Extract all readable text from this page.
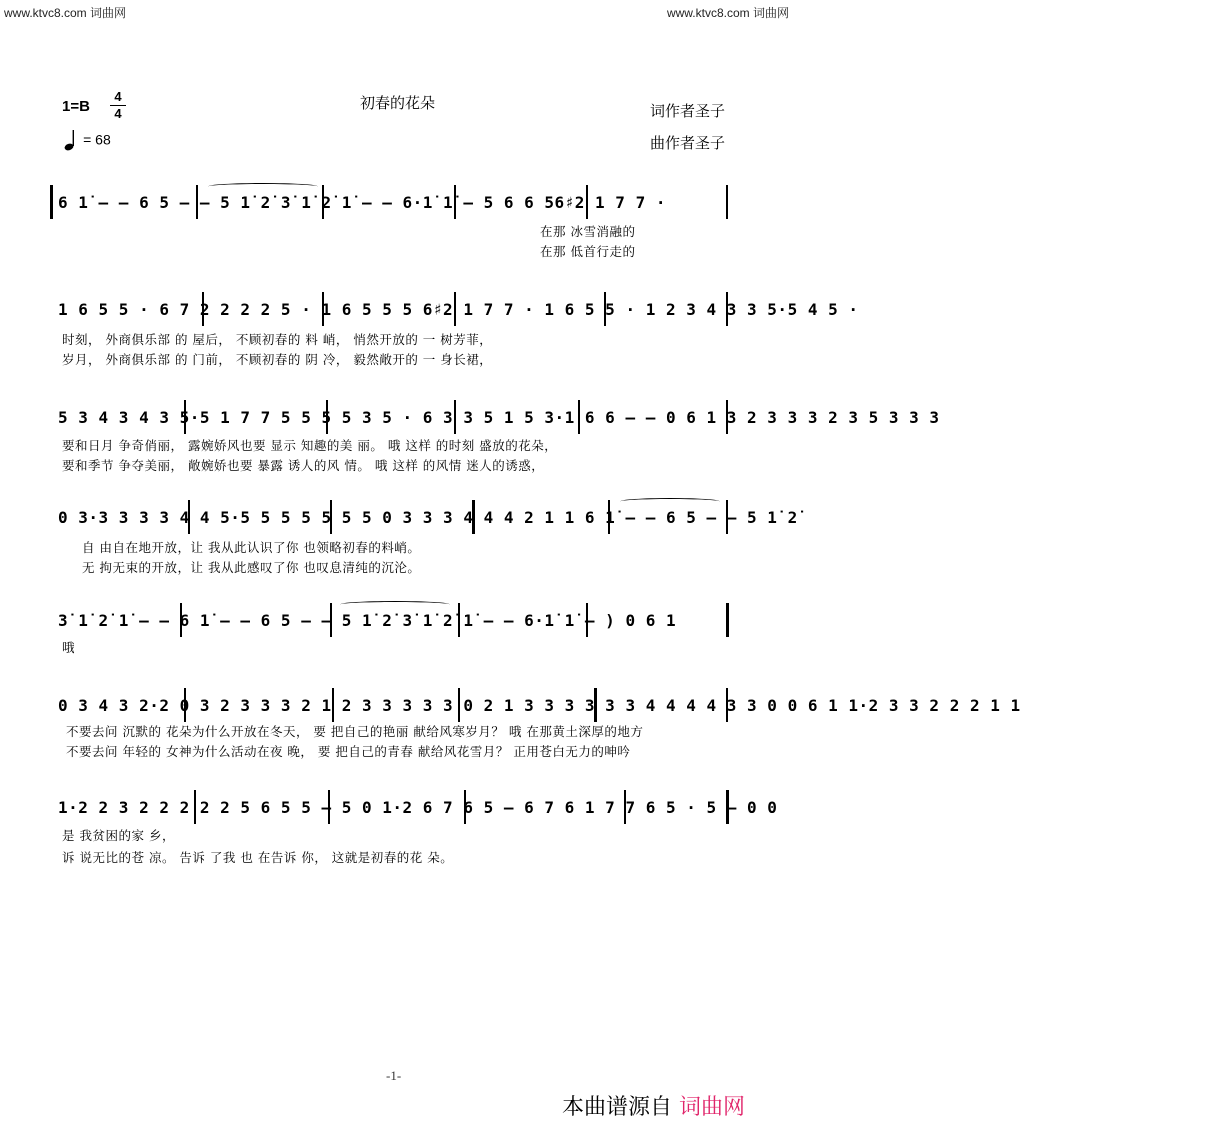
www.ktvc8.com 词曲网	www.ktvc8.com 词曲网
初春的花朵
1=B
4
4
= 68
词作者圣子
曲作者圣子
6 1̇ — — 6 5 — — 5 1̇ 2̇ 3̇ 1̇ 2̇ 1̇ — — 6·1̇ 1̇ — 5 6 6 56♯2 1 7 7 ·
在那 冰雪消融的
在那 低首行走的
1 6 5 5 · 6 7 2 2 2 2 5 · 1 6 5 5 5 6♯2 1 7 7 · 1 6 5 5 · 1 2 3 4 3 3 5·5 4 5 ·
时刻， 外商俱乐部 的 屋后， 不顾初春的 料 峭， 悄然开放的 一 树芳菲，
岁月， 外商俱乐部 的 门前， 不顾初春的 阴 冷， 毅然敞开的 一 身长裙，
5 3 4 3 4 3 5·5 1 7 7 5 5 5 5 3 5 · 6 3 3 5 1 5 3·1 6 6 — — 0 6 1 3 2 3 3 3 2 3 5 3 3 3
要和日月 争奇俏丽， 露婉娇风也要 显示 知趣的美 丽。 哦 这样 的时刻 盛放的花朵，
要和季节 争夺美丽， 敞婉娇也要 暴露 诱人的风 情。 哦 这样 的风情 迷人的诱惑，
0 3·3 3 3 3 4 4 5·5 5 5 5 5 5 5 0 3 3 3 4 4 4 2 1 1 6 1̇ — — 6 5 — — 5 1̇ 2̇
自 由自在地开放，让 我从此认识了你 也领略初春的料峭。
无 拘无束的开放，让 我从此感叹了你 也叹息清纯的沉沦。
3̇ 1̇ 2̇ 1̇ — — 6 1̇ — — 6 5 — — 5 1̇ 2̇ 3̇ 1̇ 2̇ 1̇ — — 6·1̇ 1̇ — ) 0 6 1
哦
0 3 4 3 2·2 0 3 2 3 3 3 2 1 2 3 3 3 3 3 0 2 1 3 3 3 3 3 3 4 4 4 4 3 3 0 0 6 1 1·2 3 3 2 2 2 1 1
不要去问 沉默的 花朵为什么开放在冬天， 要 把自己的艳丽 献给风寒岁月？ 哦 在那黄土深厚的地方
不要去问 年轻的 女神为什么活动在夜 晚， 要 把自己的青春 献给风花雪月？ 正用苍白无力的呻吟
1·2 2 3 2 2 2 2 2 5 6 5 5 — 5 0 1·2 6 7 6 5 — 6 7 6 1 7 7 6 5 · 5 — 0 0
是 我贫困的家 乡，
诉 说无比的苍 凉。 告诉 了我 也 在告诉 你， 这就是初春的花 朵。
-1-
本曲谱源自 词曲网
